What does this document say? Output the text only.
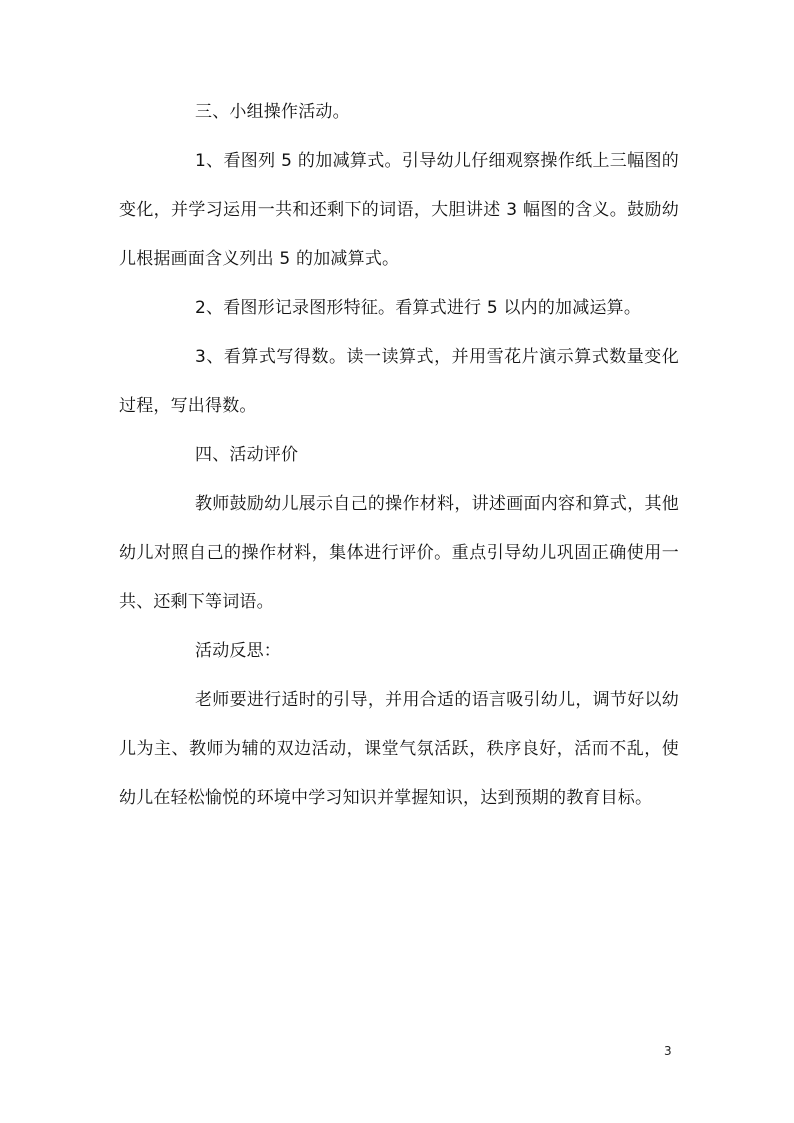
三、小组操作活动。

1、看图列 5 的加减算式。引导幼儿仔细观察操作纸上三幅图的变化，并学习运用一共和还剩下的词语，大胆讲述 3 幅图的含义。鼓励幼儿根据画面含义列出 5 的加减算式。

2、看图形记录图形特征。看算式进行 5 以内的加减运算。

3、看算式写得数。读一读算式，并用雪花片演示算式数量变化过程，写出得数。

四、活动评价

教师鼓励幼儿展示自己的操作材料，讲述画面内容和算式，其他幼儿对照自己的操作材料，集体进行评价。重点引导幼儿巩固正确使用一共、还剩下等词语。

活动反思：

老师要进行适时的引导，并用合适的语言吸引幼儿，调节好以幼儿为主、教师为辅的双边活动，课堂气氛活跃，秩序良好，活而不乱，使幼儿在轻松愉悦的环境中学习知识并掌握知识，达到预期的教育目标。

3
